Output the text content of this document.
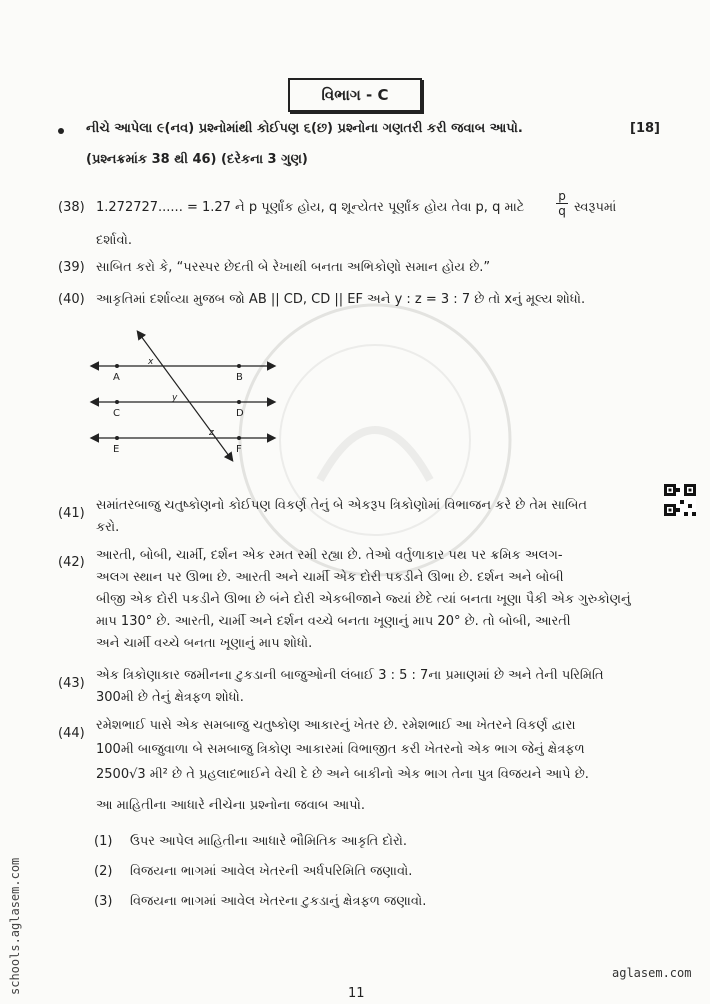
વિભાગ - C
નીચે આપેલા ૯(નવ) પ્રશ્નોમાંથી કોઈપણ ૬(છ) પ્રશ્નોના ગણતરી કરી જવાબ આપો.	[18]
(પ્રશ્નક્રમાંક 38 થી 46) (દરેકના 3 ગુણ)
(38) 1.272727...... = 1.27 ને p પૂર્ણાંક હોય, q શૂન્યેતર પૂર્ણાંક હોય તેવા p, q માટે
p
q સ્વરૂપમાં
દર્શાવો.
(39) સાબિત કરો કે, “પરસ્પર છેદતી બે રેખાથી બનતા અભિકોણો સમાન હોય છે.”
(40) આકૃતિમાં દર્શાવ્યા મુજબ જો AB || CD, CD || EF અને y : z = 3 : 7 છે તો xનું મૂલ્ય શોધો.
A	B
C	D
E	F
x
y
z
(41)
સમાંતરબાજુ ચતુષ્કોણનો કોઈપણ વિકર્ણ તેનું બે એકરૂપ ત્રિકોણોમાં વિભાજન કરે છે તેમ સાબિત
કરો.
(42) આરતી, બોબી, ચાર્મી, દર્શન એક રમત રમી રહ્યા છે. તેઓ વર્તુળાકાર પથ પર ક્રમિક અલગ-
અલગ સ્થાન પર ઊભા છે. આરતી અને ચાર્મી એક દોરી પકડીને ઊભા છે. દર્શન અને બોબી
બીજી એક દોરી પકડીને ઊભા છે બંને દોરી એકબીજાને જ્યાં છેદે ત્યાં બનતા ખૂણા પૈકી એક ગુરુકોણનું
માપ 130° છે. આરતી, ચાર્મી અને દર્શન વચ્ચે બનતા ખૂણાનું માપ 20° છે. તો બોબી, આરતી
અને ચાર્મી વચ્ચે બનતા ખૂણાનું માપ શોધો.
(43)
એક ત્રિકોણાકાર જમીનના ટુકડાની બાજુઓની લંબાઈ 3 : 5 : 7ના પ્રમાણમાં છે અને તેની પરિમિતિ
300મી છે તેનું ક્ષેત્રફળ શોધો.
(44)
રમેશભાઈ પાસે એક સમબાજુ ચતુષ્કોણ આકારનું ખેતર છે. રમેશભાઈ આ ખેતરને વિકર્ણ દ્વારા
100મી બાજુવાળા બે સમબાજુ ત્રિકોણ આકારમાં વિભાજીત કરી ખેતરનો એક ભાગ જેનું ક્ષેત્રફળ
2500√3 મી² છે તે પ્રહલાદભાઈને વેચી દે છે અને બાકીનો એક ભાગ તેના પુત્ર વિજયને આપે છે.
આ માહિતીના આધારે નીચેના પ્રશ્નોના જવાબ આપો.
(1) ઉપર આપેલ માહિતીના આધારે ભૌમિતિક આકૃતિ દોરો.
(2) વિજયના ભાગમાં આવેલ ખેતરની અર્ધપરિમિતિ જણાવો.
(3) વિજયના ભાગમાં આવેલ ખેતરના ટુકડાનું ક્ષેત્રફળ જણાવો.
schools.aglasem.com	aglasem.com
11
